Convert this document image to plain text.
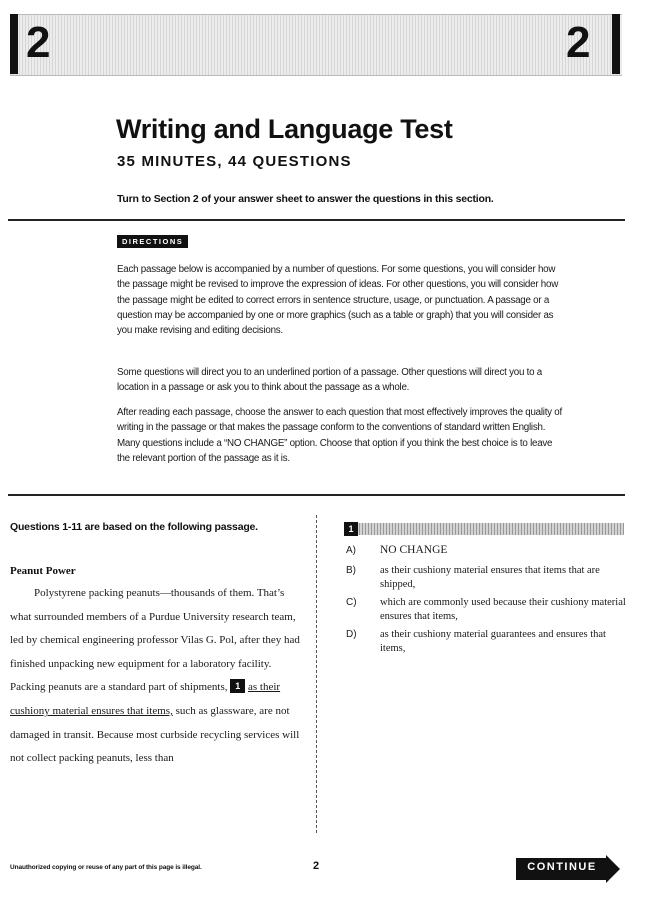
2	2
Writing and Language Test
35 MINUTES, 44 QUESTIONS

Turn to Section 2 of your answer sheet to answer the questions in this section.

DIRECTIONS

Each passage below is accompanied by a number of questions. For some questions, you will consider how the passage might be revised to improve the expression of ideas. For other questions, you will consider how the passage might be edited to correct errors in sentence structure, usage, or punctuation. A passage or a question may be accompanied by one or more graphics (such as a table or graph) that you will consider as you make revising and editing decisions.

Some questions will direct you to an underlined portion of a passage. Other questions will direct you to a location in a passage or ask you to think about the passage as a whole.

After reading each passage, choose the answer to each question that most effectively improves the quality of writing in the passage or that makes the passage conform to the conventions of standard written English. Many questions include a “NO CHANGE” option. Choose that option if you think the best choice is to leave the relevant portion of the passage as it is.

Questions 1-11 are based on the following passage.

Peanut Power

Polystyrene packing peanuts—thousands of them. That’s what surrounded members of a Purdue University research team, led by chemical engineering professor Vilas G. Pol, after they had finished unpacking new equipment for a laboratory facility. Packing peanuts are a standard part of shipments, 1 as their cushiony material ensures that items, such as glassware, are not damaged in transit. Because most curbside recycling services will not collect packing peanuts, less than

1
A) NO CHANGE
B) as their cushiony material ensures that items that are shipped,
C) which are commonly used because their cushiony material ensures that items,
D) as their cushiony material guarantees and ensures that items,

Unauthorized copying or reuse of any part of this page is illegal.	2	CONTINUE
